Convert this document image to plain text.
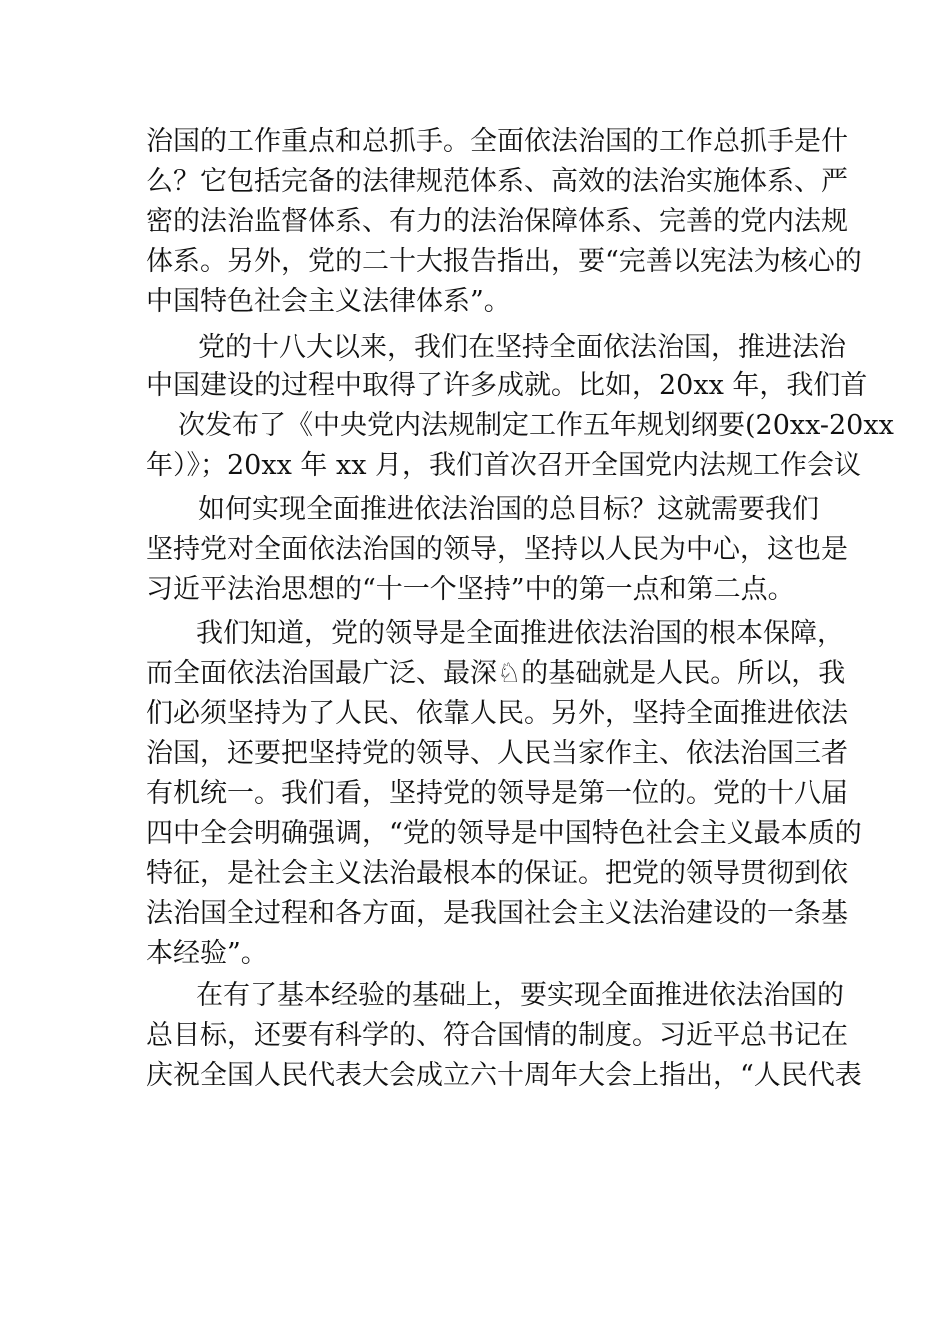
治国的工作重点和总抓手。全面依法治国的工作总抓手是什
么？它包括完备的法律规范体系、高效的法治实施体系、严
密的法治监督体系、有力的法治保障体系、完善的党内法规
体系。另外，党的二十大报告指出，要“完善以宪法为核心的
中国特色社会主义法律体系”。
党的十八大以来，我们在坚持全面依法治国，推进法治
中国建设的过程中取得了许多成就。比如，20xx 年，我们首
次发布了《中央党内法规制定工作五年规划纲要(20xx-20xx
年）》；20xx 年 xx 月，我们首次召开全国党内法规工作会议
如何实现全面推进依法治国的总目标？这就需要我们
坚持党对全面依法治国的领导，坚持以人民为中心，这也是
习近平法治思想的“十一个坚持”中的第一点和第二点。
我们知道，党的领导是全面推进依法治国的根本保障，
而全面依法治国最广泛、最深♘的基础就是人民。所以，我
们必须坚持为了人民、依靠人民。另外，坚持全面推进依法
治国，还要把坚持党的领导、人民当家作主、依法治国三者
有机统一。我们看，坚持党的领导是第一位的。党的十八届
四中全会明确强调，“党的领导是中国特色社会主义最本质的
特征，是社会主义法治最根本的保证。把党的领导贯彻到依
法治国全过程和各方面，是我国社会主义法治建设的一条基
本经验”。
在有了基本经验的基础上，要实现全面推进依法治国的
总目标，还要有科学的、符合国情的制度。习近平总书记在
庆祝全国人民代表大会成立六十周年大会上指出，“人民代表
